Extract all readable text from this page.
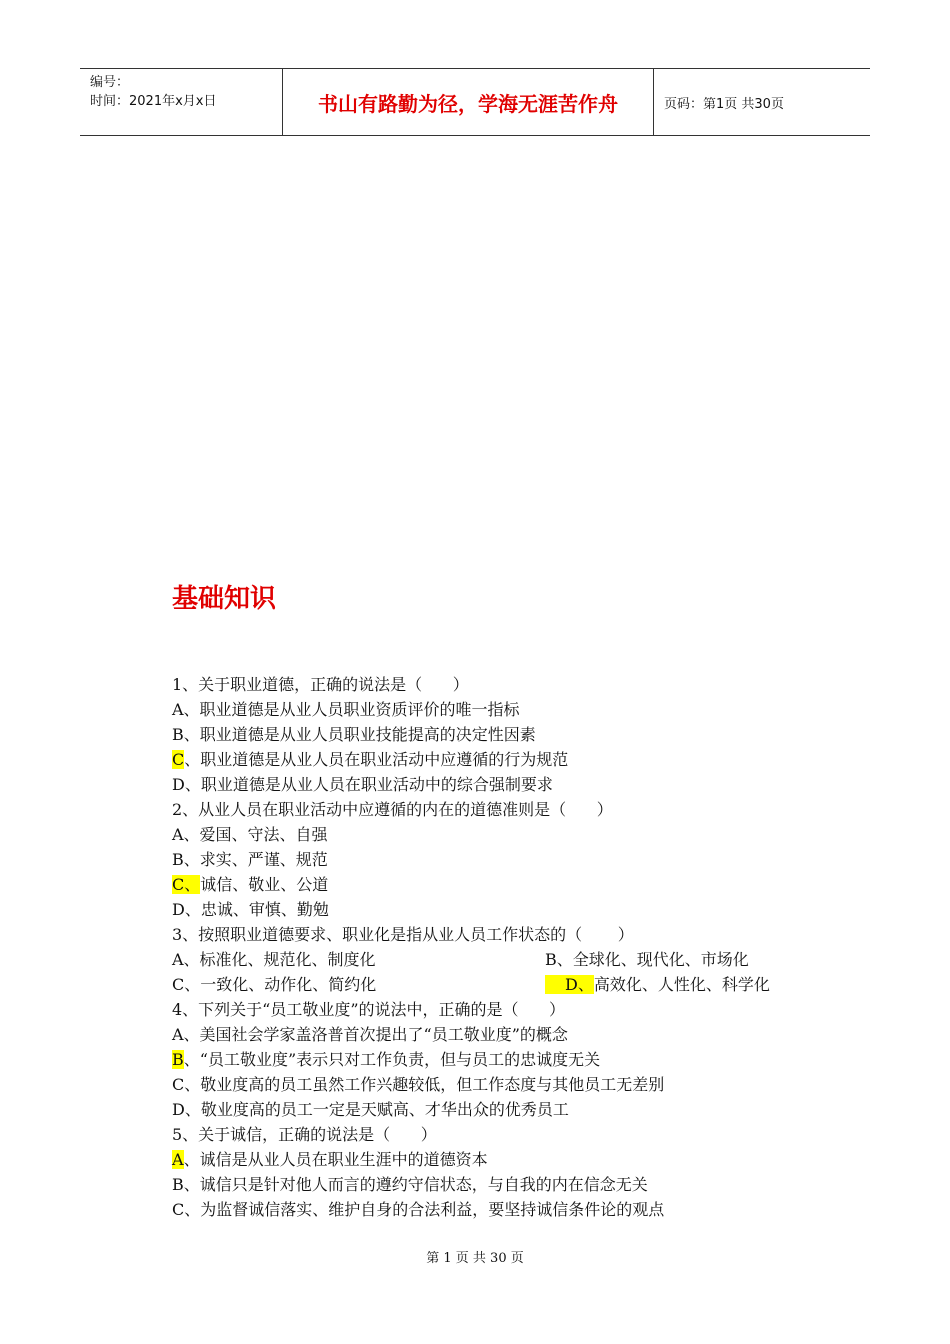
编号：
时间：2021年x月x日	书山有路勤为径，学海无涯苦作舟	页码：第1页 共30页
基础知识
1、关于职业道德，正确的说法是（      ）
A、职业道德是从业人员职业资质评价的唯一指标
B、职业道德是从业人员职业技能提高的决定性因素
C、职业道德是从业人员在职业活动中应遵循的行为规范
D、职业道德是从业人员在职业活动中的综合强制要求
2、从业人员在职业活动中应遵循的内在的道德准则是（      ）
A、爱国、守法、自强
B、求实、严谨、规范
C、诚信、敬业、公道
D、忠诚、审慎、勤勉
3、按照职业道德要求、职业化是指从业人员工作状态的（       ）
A、标准化、规范化、制度化	B、全球化、现代化、市场化
C、一致化、动作化、简约化	D、高效化、人性化、科学化
4、下列关于“员工敬业度”的说法中，正确的是（      ）
A、美国社会学家盖洛普首次提出了“员工敬业度”的概念
B、“员工敬业度”表示只对工作负责，但与员工的忠诚度无关
C、敬业度高的员工虽然工作兴趣较低，但工作态度与其他员工无差别
D、敬业度高的员工一定是天赋高、才华出众的优秀员工
5、关于诚信，正确的说法是（      ）
A、诚信是从业人员在职业生涯中的道德资本
B、诚信只是针对他人而言的遵约守信状态，与自我的内在信念无关
C、为监督诚信落实、维护自身的合法利益，要坚持诚信条件论的观点
第 1 页 共 30 页
